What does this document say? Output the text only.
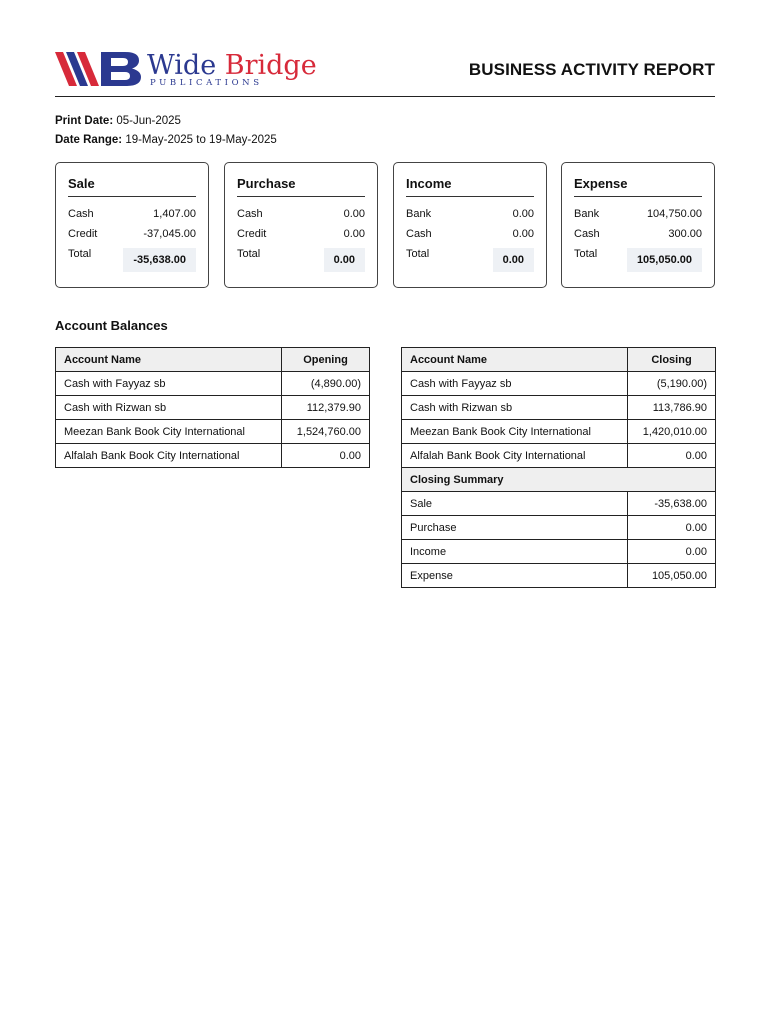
Wide Bridge
PUBLICATIONS
BUSINESS ACTIVITY REPORT
Print Date: 05-Jun-2025
Date Range: 19-May-2025 to 19-May-2025
Sale
Cash	1,407.00
Credit	-37,045.00
Total	-35,638.00
Purchase
Cash	0.00
Credit	0.00
Total	0.00
Income
Bank	0.00
Cash	0.00
Total	0.00
Expense
Bank	104,750.00
Cash	300.00
Total	105,050.00
Account Balances
Account Name	Opening
Cash with Fayyaz sb	(4,890.00)
Cash with Rizwan sb	112,379.90
Meezan Bank Book City International	1,524,760.00
Alfalah Bank Book City International	0.00
Account Name	Closing
Cash with Fayyaz sb	(5,190.00)
Cash with Rizwan sb	113,786.90
Meezan Bank Book City International	1,420,010.00
Alfalah Bank Book City International	0.00
Closing Summary	
Sale	-35,638.00
Purchase	0.00
Income	0.00
Expense	105,050.00
